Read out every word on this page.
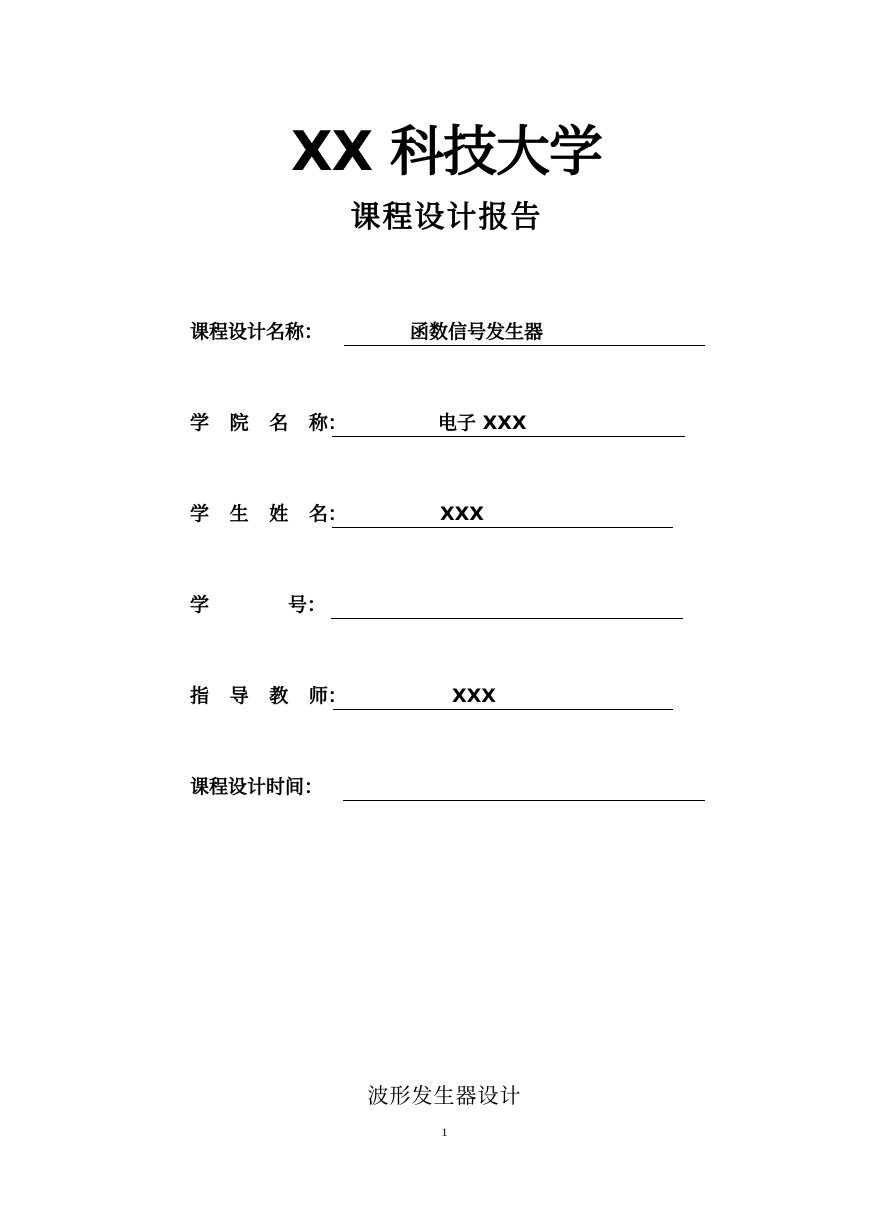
XX 科技大学
课程设计报告
课程设计名称：	函数信号发生器
学 院 名 称：	电子 XXX
学 生 姓 名：	XXX
学	号：
指 导 教 师：	XXX
课程设计时间：
波形发生器设计
1
